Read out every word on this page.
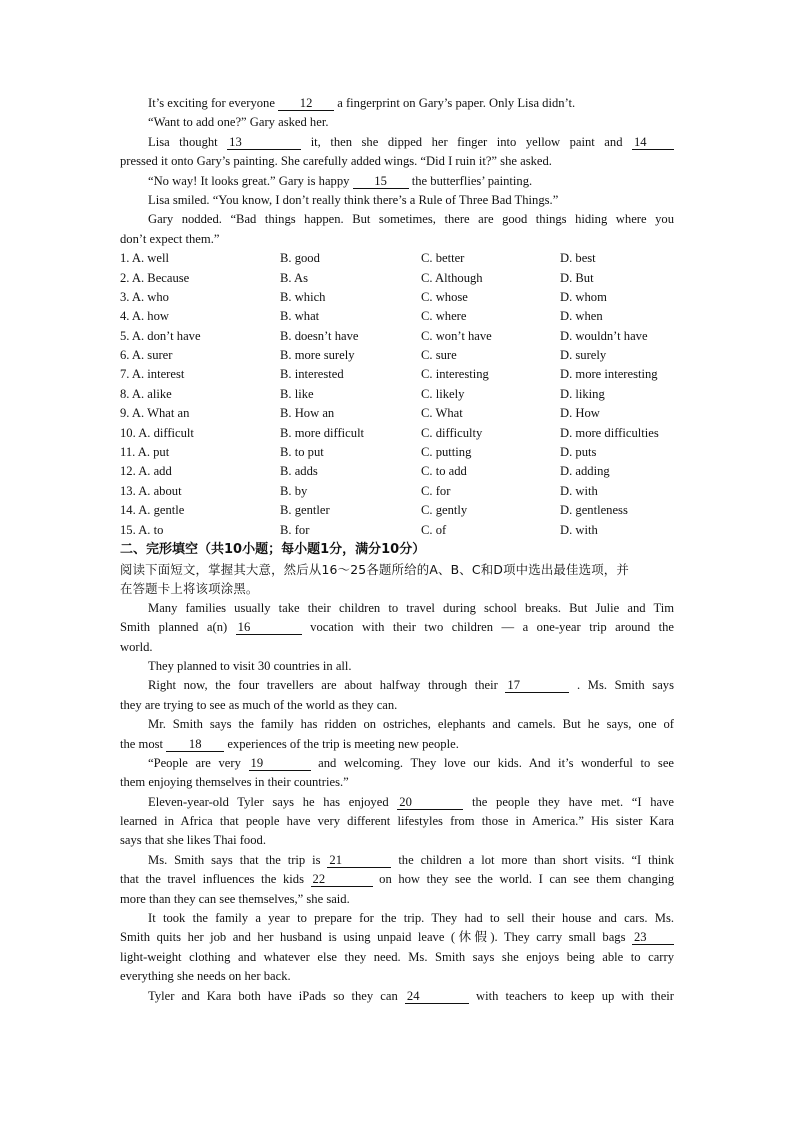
It’s exciting for everyone 12 a fingerprint on Gary’s paper. Only Lisa didn’t.
“Want to add one?” Gary asked her.
Lisa thought 13	it, then she dipped her finger into yellow paint and 14
pressed it onto Gary’s painting. She carefully added wings. “Did I ruin it?” she asked.
“No way! It looks great.” Gary is happy 15 the butterflies’ painting.
Lisa smiled. “You know, I don’t really think there’s a Rule of Three Bad Things.”
Gary nodded. “Bad things happen. But sometimes, there are good things hiding where you
don’t expect them.”
1. A. well	B. good	C. better	D. best
2. A. Because	B. As	C. Although	D. But
3. A. who	B. which	C. whose	D. whom
4. A. how	B. what	C. where	D. when
5. A. don’t have	B. doesn’t have	C. won’t have	D. wouldn’t have
6. A. surer	B. more surely	C. sure	D. surely
7. A. interest	B. interested	C. interesting	D. more interesting
8. A. alike	B. like	C. likely	D. liking
9. A. What an	B. How an	C. What	D. How
10. A. difficult	B. more difficult	C. difficulty	D. more difficulties
11. A. put	B. to put	C. putting	D. puts
12. A. add	B. adds	C. to add	D. adding
13. A. about	B. by	C. for	D. with
14. A. gentle	B. gentler	C. gently	D. gentleness
15. A. to	B. for	C. of	D. with
二、完形填空（共10小题；每小题1分，满分10分）
阅读下面短文，掌握其大意，然后从16～25各题所给的A、B、C和D项中选出最佳选项，并
在答题卡上将该项涂黑。
Many families usually take their children to travel during school breaks. But Julie and Tim
Smith planned a(n) 16	vocation with their two children — a one-year trip around the
world.
They planned to visit 30 countries in all.
Right now, the four travellers are about halfway through their 17	. Ms. Smith says
they are trying to see as much of the world as they can.
Mr. Smith says the family has ridden on ostriches, elephants and camels. But he says, one of
the most 18 experiences of the trip is meeting new people.
“People are very 19	and welcoming. They love our kids. And it’s wonderful to see
them enjoying themselves in their countries.”
Eleven-year-old Tyler says he has enjoyed 20	the people they have met. “I have
learned in Africa that people have very different lifestyles from those in America.” His sister Kara
says that she likes Thai food.
Ms. Smith says that the trip is 21	the children a lot more than short visits. “I think
that the travel influences the kids 22	on how they see the world. I can see them changing
more than they can see themselves,” she said.
It took the family a year to prepare for the trip. They had to sell their house and cars. Ms.
Smith quits her job and her husband is using unpaid leave (休假). They carry small bags 23
light-weight clothing and whatever else they need. Ms. Smith says she enjoys being able to carry
everything she needs on her back.
Tyler and Kara both have iPads so they can 24	with teachers to keep up with their
